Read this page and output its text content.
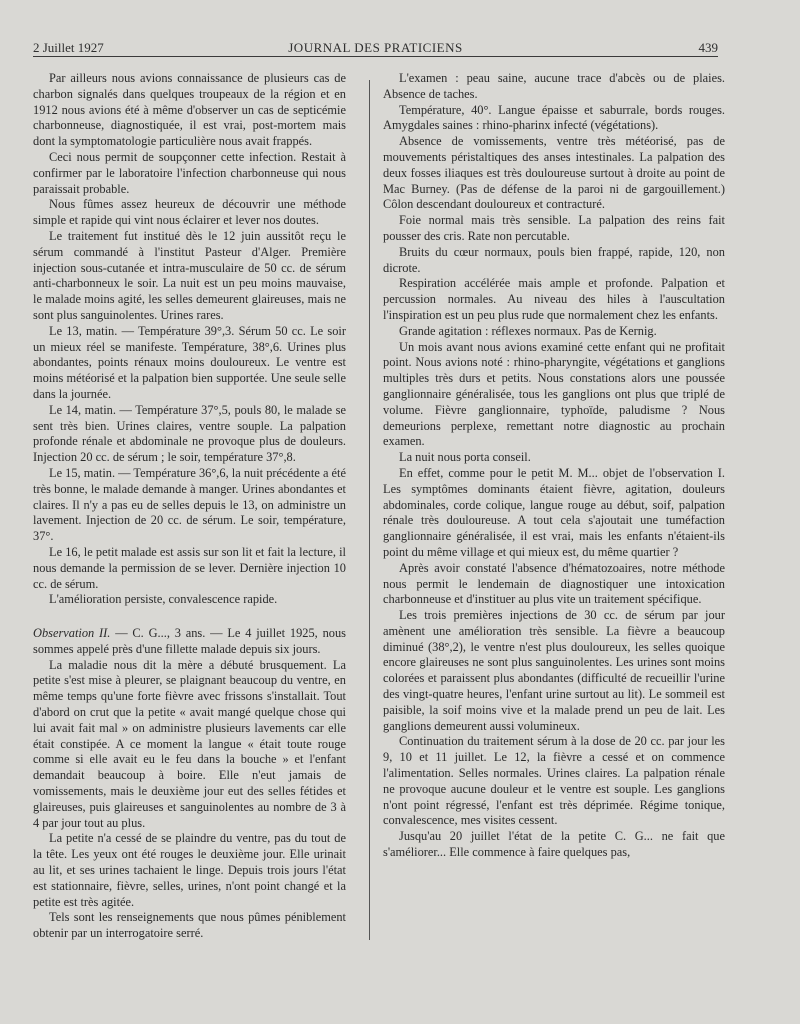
2 Juillet 1927	JOURNAL DES PRATICIENS	439

Par ailleurs nous avions connaissance de plusieurs cas de charbon signalés dans quelques troupeaux de la région et en 1912 nous avions été à même d'observer un cas de septicémie charbonneuse, diagnostiquée, il est vrai, post-mortem mais dont la symptomatologie particulière nous avait frappés.

Ceci nous permit de soupçonner cette infection. Restait à confirmer par le laboratoire l'infection charbonneuse qui nous paraissait probable.

Nous fûmes assez heureux de découvrir une méthode simple et rapide qui vint nous éclairer et lever nos doutes.

Le traitement fut institué dès le 12 juin aussitôt reçu le sérum commandé à l'institut Pasteur d'Alger. Première injection sous-cutanée et intra-musculaire de 50 cc. de sérum anti-charbonneux le soir. La nuit est un peu moins mauvaise, le malade moins agité, les selles demeurent glaireuses, mais ne sont plus sanguinolentes. Urines rares.

Le 13, matin. — Température 39°,3. Sérum 50 cc. Le soir un mieux réel se manifeste. Température, 38°,6. Urines plus abondantes, points rénaux moins douloureux. Le ventre est moins météorisé et la palpation bien supportée. Une seule selle dans la journée.

Le 14, matin. — Température 37°,5, pouls 80, le malade se sent très bien. Urines claires, ventre souple. La palpation profonde rénale et abdominale ne provoque plus de douleurs. Injection 20 cc. de sérum ; le soir, température 37°,8.

Le 15, matin. — Température 36°,6, la nuit précédente a été très bonne, le malade demande à manger. Urines abondantes et claires. Il n'y a pas eu de selles depuis le 13, on administre un lavement. Injection de 20 cc. de sérum. Le soir, température, 37°.

Le 16, le petit malade est assis sur son lit et fait la lecture, il nous demande la permission de se lever. Dernière injection 10 cc. de sérum.

L'amélioration persiste, convalescence rapide.

Observation II. — C. G..., 3 ans. — Le 4 juillet 1925, nous sommes appelé près d'une fillette malade depuis six jours.

La maladie nous dit la mère a débuté brusquement. La petite s'est mise à pleurer, se plaignant beaucoup du ventre, en même temps qu'une forte fièvre avec frissons s'installait. Tout d'abord on crut que la petite « avait mangé quelque chose qui lui avait fait mal » on administre plusieurs lavements car elle était constipée. A ce moment la langue « était toute rouge comme si elle avait eu le feu dans la bouche » et l'enfant demandait beaucoup à boire. Elle n'eut jamais de vomissements, mais le deuxième jour eut des selles fétides et glaireuses, puis glaireuses et sanguinolentes au nombre de 3 à 4 par jour tout au plus.

La petite n'a cessé de se plaindre du ventre, pas du tout de la tête. Les yeux ont été rouges le deuxième jour. Elle urinait au lit, et ses urines tachaient le linge. Depuis trois jours l'état est stationnaire, fièvre, selles, urines, n'ont point changé et la petite est très agitée.

Tels sont les renseignements que nous pûmes péniblement obtenir par un interrogatoire serré.

L'examen : peau saine, aucune trace d'abcès ou de plaies. Absence de taches.

Température, 40°. Langue épaisse et saburrale, bords rouges. Amygdales saines : rhino-pharinx infecté (végétations).

Absence de vomissements, ventre très météorisé, pas de mouvements péristaltiques des anses intestinales. La palpation des deux fosses iliaques est très douloureuse surtout à droite au point de Mac Burney. (Pas de défense de la paroi ni de gargouillement.) Côlon descendant douloureux et contracturé.

Foie normal mais très sensible. La palpation des reins fait pousser des cris. Rate non percutable.

Bruits du cœur normaux, pouls bien frappé, rapide, 120, non dicrote.

Respiration accélérée mais ample et profonde. Palpation et percussion normales. Au niveau des hiles à l'auscultation l'inspiration est un peu plus rude que normalement chez les enfants.

Grande agitation : réflexes normaux. Pas de Kernig.

Un mois avant nous avions examiné cette enfant qui ne profitait point. Nous avions noté : rhino-pharyngite, végétations et ganglions multiples très durs et petits. Nous constations alors une poussée ganglionnaire généralisée, tous les ganglions ont plus que triplé de volume. Fièvre ganglionnaire, typhoïde, paludisme ? Nous demeurions perplexe, remettant notre diagnostic au prochain examen.

La nuit nous porta conseil.

En effet, comme pour le petit M. M... objet de l'observation I. Les symptômes dominants étaient fièvre, agitation, douleurs abdominales, corde colique, langue rouge au début, soif, palpation rénale très douloureuse. A tout cela s'ajoutait une tuméfaction ganglionnaire généralisée, il est vrai, mais les enfants n'étaient-ils point du même village et qui mieux est, du même quartier ?

Après avoir constaté l'absence d'hématozoaires, notre méthode nous permit le lendemain de diagnostiquer une intoxication charbonneuse et d'instituer au plus vite un traitement spécifique.

Les trois premières injections de 30 cc. de sérum par jour amènent une amélioration très sensible. La fièvre a beaucoup diminué (38°,2), le ventre n'est plus douloureux, les selles quoique encore glaireuses ne sont plus sanguinolentes. Les urines sont moins colorées et paraissent plus abondantes (difficulté de recueillir l'urine des vingt-quatre heures, l'enfant urine surtout au lit). Le sommeil est paisible, la soif moins vive et la malade prend un peu de lait. Les ganglions demeurent aussi volumineux.

Continuation du traitement sérum à la dose de 20 cc. par jour les 9, 10 et 11 juillet. Le 12, la fièvre a cessé et on commence l'alimentation. Selles normales. Urines claires. La palpation rénale ne provoque aucune douleur et le ventre est souple. Les ganglions n'ont point régressé, l'enfant est très déprimée. Régime tonique, convalescence, mes visites cessent.

Jusqu'au 20 juillet l'état de la petite C. G... ne fait que s'améliorer... Elle commence à faire quelques pas,
